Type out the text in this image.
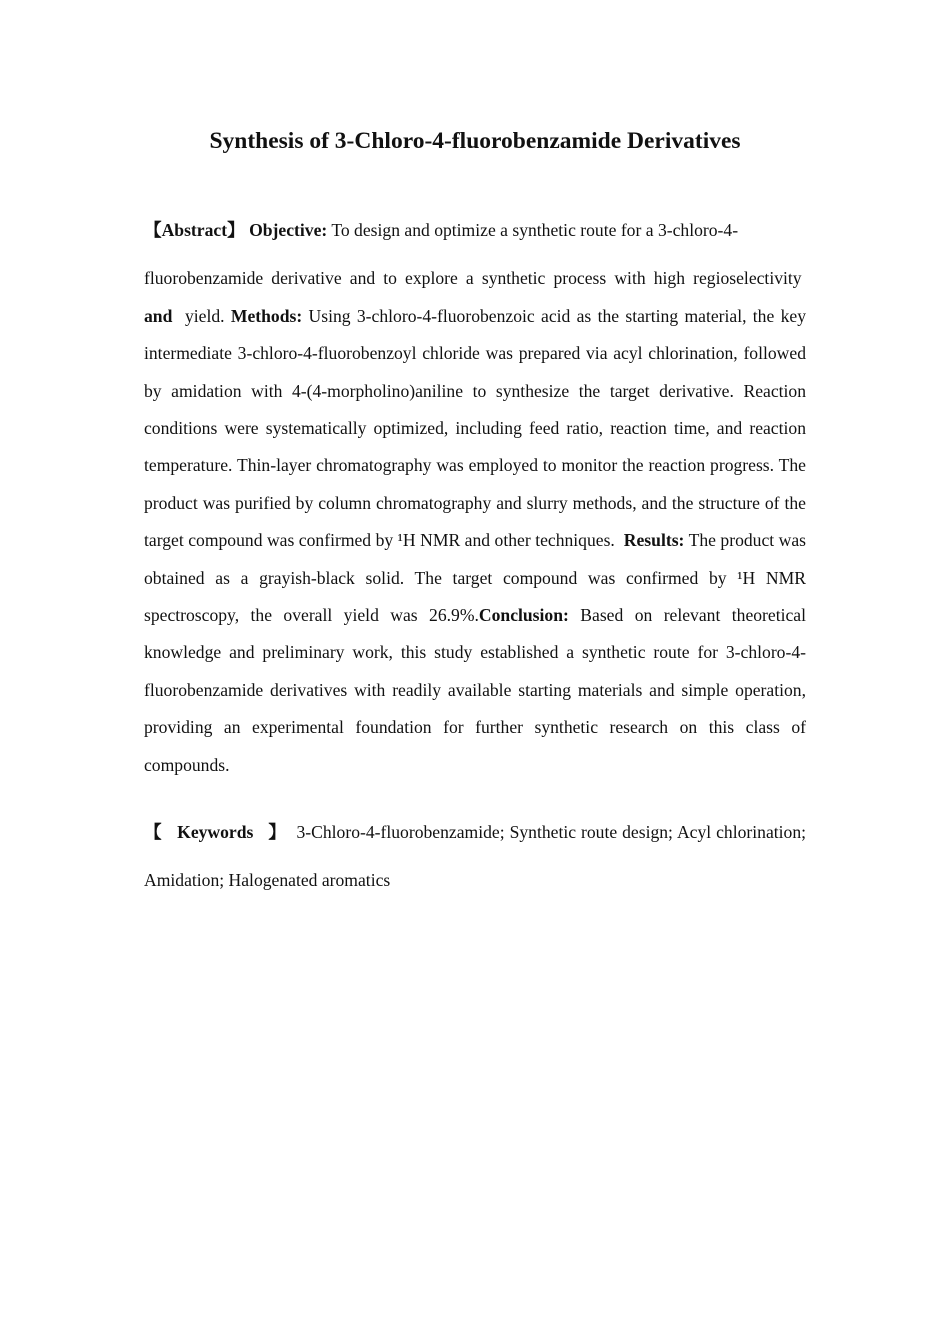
Synthesis of 3-Chloro-4-fluorobenzamide Derivatives

【Abstract】 Objective: To design and optimize a synthetic route for a 3-chloro-4-
fluorobenzamide derivative and to explore a synthetic process with high regioselectivity  and yield. Methods: Using 3-chloro-4-fluorobenzoic acid as the starting material, the key intermediate 3-chloro-4-fluorobenzoyl chloride was prepared via acyl chlorination, followed by amidation with 4-(4-morpholino)aniline to synthesize the target derivative. Reaction conditions were systematically optimized, including feed ratio, reaction time, and reaction temperature. Thin-layer chromatography was employed to monitor the reaction progress. The product was purified by column chromatography and slurry methods, and the structure of the target compound was confirmed by ¹H NMR and other techniques. Results: The product was obtained as a grayish-black solid. The target compound was confirmed by ¹H NMR spectroscopy, the overall yield was 26.9%.Conclusion: Based on relevant theoretical knowledge and preliminary work, this study established a synthetic route for 3-chloro-4-fluorobenzamide derivatives with readily available starting materials and simple operation, providing an experimental foundation for further synthetic research on this class of compounds.

【 Keywords 】 3-Chloro-4-fluorobenzamide; Synthetic route design; Acyl chlorination; Amidation; Halogenated aromatics
